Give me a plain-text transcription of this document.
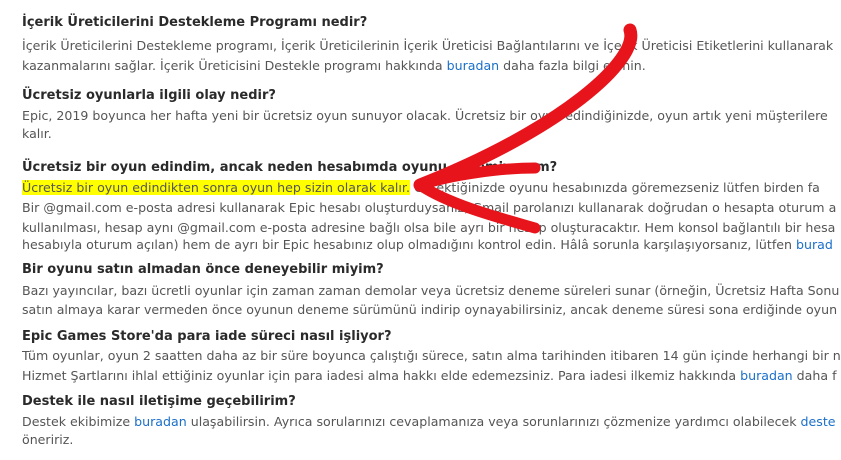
İçerik Üreticilerini Destekleme Programı nedir?
İçerik Üreticilerini Destekleme programı, İçerik Üreticilerinin İçerik Üreticisi Bağlantılarını ve İçerik Üreticisi Etiketlerini kullanarak
kazanmalarını sağlar. İçerik Üreticisini Destekle programı hakkında buradan daha fazla bilgi edinin.
Ücretsiz oyunlarla ilgili olay nedir?
Epic, 2019 boyunca her hafta yeni bir ücretsiz oyun sunuyor olacak. Ücretsiz bir oyun edindiğinizde, oyun artık yeni müşterilere
kalır.
Ücretsiz bir oyun edindim, ancak neden hesabımda oyunu göremiyorum?
Ücretsiz bir oyun edindikten sonra oyun hep sizin olarak kalır. Gerektiğinizde oyunu hesabınızda göremezseniz lütfen birden fa
Bir @gmail.com e-posta adresi kullanarak Epic hesabı oluşturduysanız, Gmail parolanızı kullanarak doğrudan o hesapta oturum a
kullanılması, hesap aynı @gmail.com e-posta adresine bağlı olsa bile ayrı bir hesap oluşturacaktır. Hem konsol bağlantılı bir hesa
hesabıyla oturum açılan) hem de ayrı bir Epic hesabınız olup olmadığını kontrol edin. Hâlâ sorunla karşılaşıyorsanız, lütfen burad
Bir oyunu satın almadan önce deneyebilir miyim?
Bazı yayıncılar, bazı ücretli oyunlar için zaman zaman demolar veya ücretsiz deneme süreleri sunar (örneğin, Ücretsiz Hafta Sonu
satın almaya karar vermeden önce oyunun deneme sürümünü indirip oynayabilirsiniz, ancak deneme süresi sona erdiğinde oyun
Epic Games Store'da para iade süreci nasıl işliyor?
Tüm oyunlar, oyun 2 saatten daha az bir süre boyunca çalıştığı sürece, satın alma tarihinden itibaren 14 gün içinde herhangi bir n
Hizmet Şartlarını ihlal ettiğiniz oyunlar için para iadesi alma hakkı elde edemezsiniz. Para iadesi ilkemiz hakkında buradan daha f
Destek ile nasıl iletişime geçebilirim?
Destek ekibimize buradan ulaşabilirsin. Ayrıca sorularınızı cevaplamanıza veya sorunlarınızı çözmenize yardımcı olabilecek deste
öneririz.
